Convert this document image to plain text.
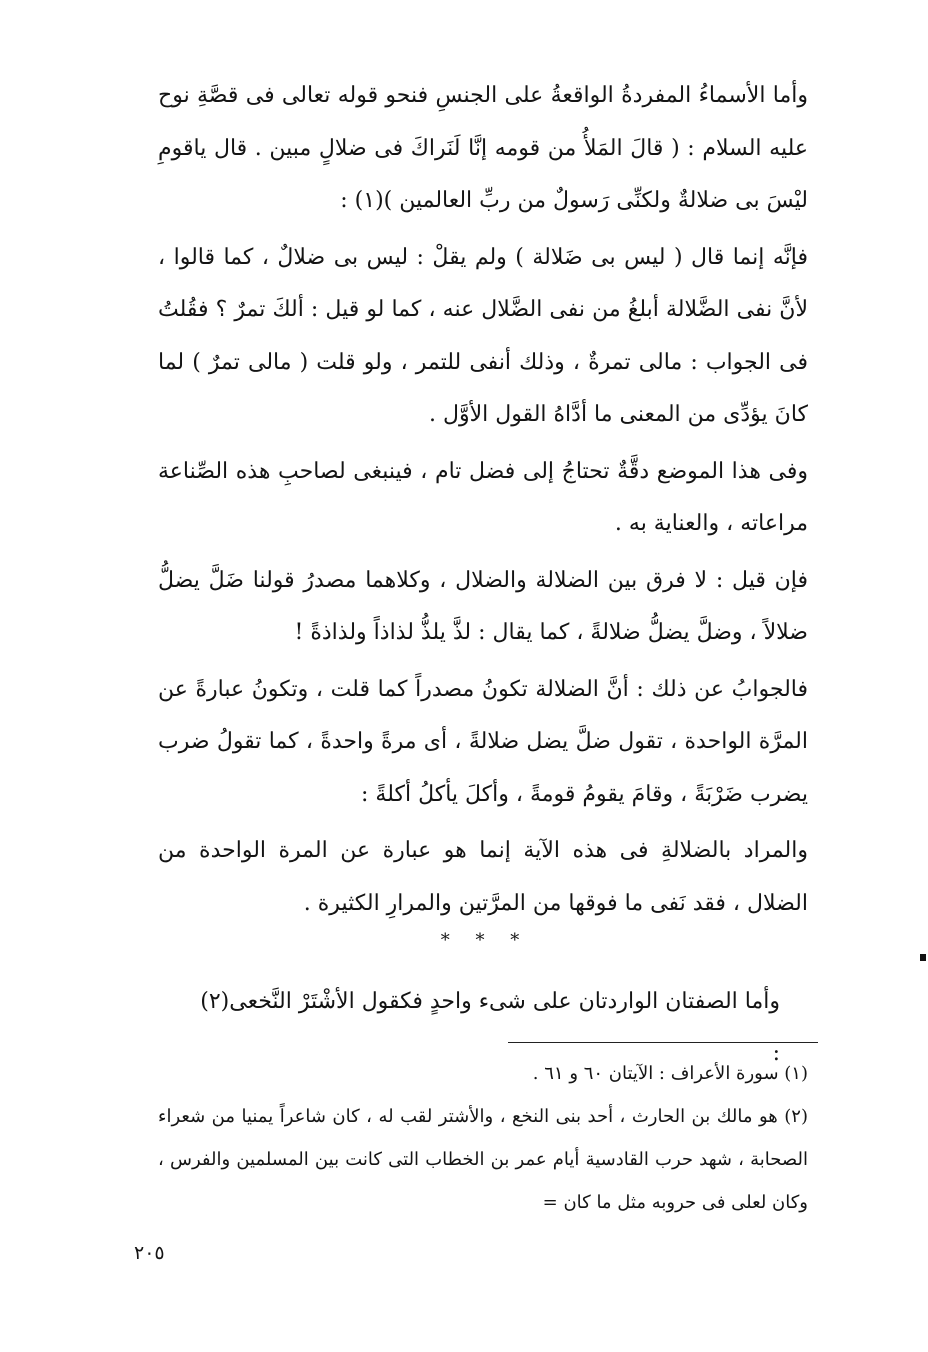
وأما الأسماءُ المفردةُ الواقعةُ على الجنسِ فنحو قوله تعالى فى قصَّةِ نوح عليه السلام : ( قالَ المَلأُ من قومه إنَّا لَنَراكَ فى ضلالٍ مبين . قال ياقومِ ليْسَ بى ضلالةٌ ولكنِّى رَسولٌ من ربِّ العالمين )(١) :

فإنَّه إنما قال ( ليس بى ضَلالة ) ولم يقلْ : ليس بى ضلالٌ ، كما قالوا ، لأنَّ نفى الضَّلالة أبلغُ من نفى الضَّلال عنه ، كما لو قيل : ألكَ تمرٌ ؟ فقُلتُ فى الجواب : مالى تمرةٌ ، وذلك أنفى للتمر ، ولو قلت ( مالى تمرٌ ) لما كانَ يؤدِّى من المعنى ما أدَّاهُ القول الأوَّل .

وفى هذا الموضع دقَّةٌ تحتاجُ إلى فضل تام ، فينبغى لصاحبِ هذه الصِّناعة مراعاته ، والعناية به .

فإن قيل : لا فرق بين الضلالة والضلال ، وكلاهما مصدرُ قولنا ضَلَّ يضلُّ ضلالاً ، وضلَّ يضلُّ ضلالةً ، كما يقال : لذَّ يلذُّ لذاذاً ولذاذةً !

فالجوابُ عن ذلك : أنَّ الضلالة تكونُ مصدراً كما قلت ، وتكونُ عبارةً عن المرَّة الواحدة ، تقول ضلَّ يضل ضلالةً ، أى مرةً واحدةً ، كما تقولُ ضرب يضرب ضَرْبَةً ، وقامَ يقومُ قومةً ، وأكلَ يأكلُ أكلةً :

والمراد بالضلالةِ فى هذه الآية إنما هو عبارة عن المرة الواحدة من الضلال ، فقد نَفى ما فوقها من المرَّتين والمرارِ الكثيرة .

* * *
وأما الصفتان الواردتان على شىء واحدٍ فكقول الأشْتَرْ النَّخعى(٢) :

(١) سورة الأعراف : الآيتان ٦٠ و ٦١ .

(٢) هو مالك بن الحارث ، أحد بنى النخع ، والأشتر لقب له ، كان شاعراً يمنيا من شعراء الصحابة ، شهد حرب القادسية أيام عمر بن الخطاب التى كانت بين المسلمين والفرس ، وكان لعلى فى حروبه مثل ما كان =

٢٠٥
